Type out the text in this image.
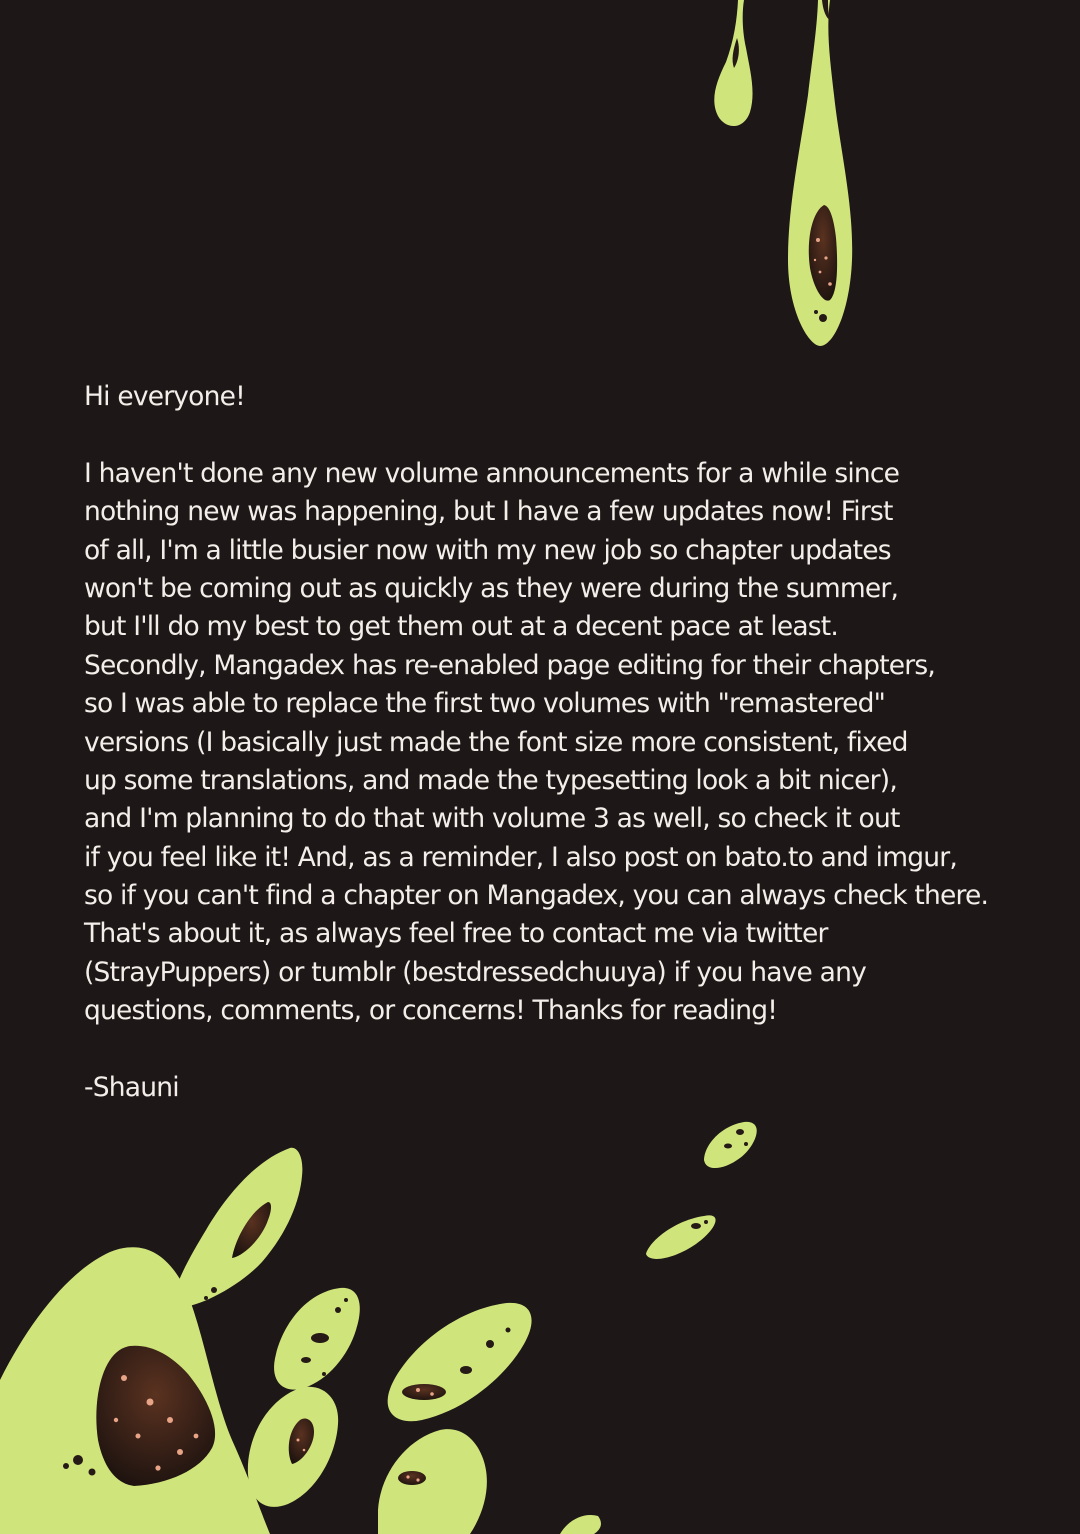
Hi everyone!
I haven't done any new volume announcements for a while since
nothing new was happening, but I have a few updates now! First
of all, I'm a little busier now with my new job so chapter updates
won't be coming out as quickly as they were during the summer,
but I'll do my best to get them out at a decent pace at least.
Secondly, Mangadex has re-enabled page editing for their chapters,
so I was able to replace the first two volumes with "remastered"
versions (I basically just made the font size more consistent, fixed
up some translations, and made the typesetting look a bit nicer),
and I'm planning to do that with volume 3 as well, so check it out
if you feel like it! And, as a reminder, I also post on bato.to and imgur,
so if you can't find a chapter on Mangadex, you can always check there.
That's about it, as always feel free to contact me via twitter
(StrayPuppers) or tumblr (bestdressedchuuya) if you have any
questions, comments, or concerns! Thanks for reading!
-Shauni
